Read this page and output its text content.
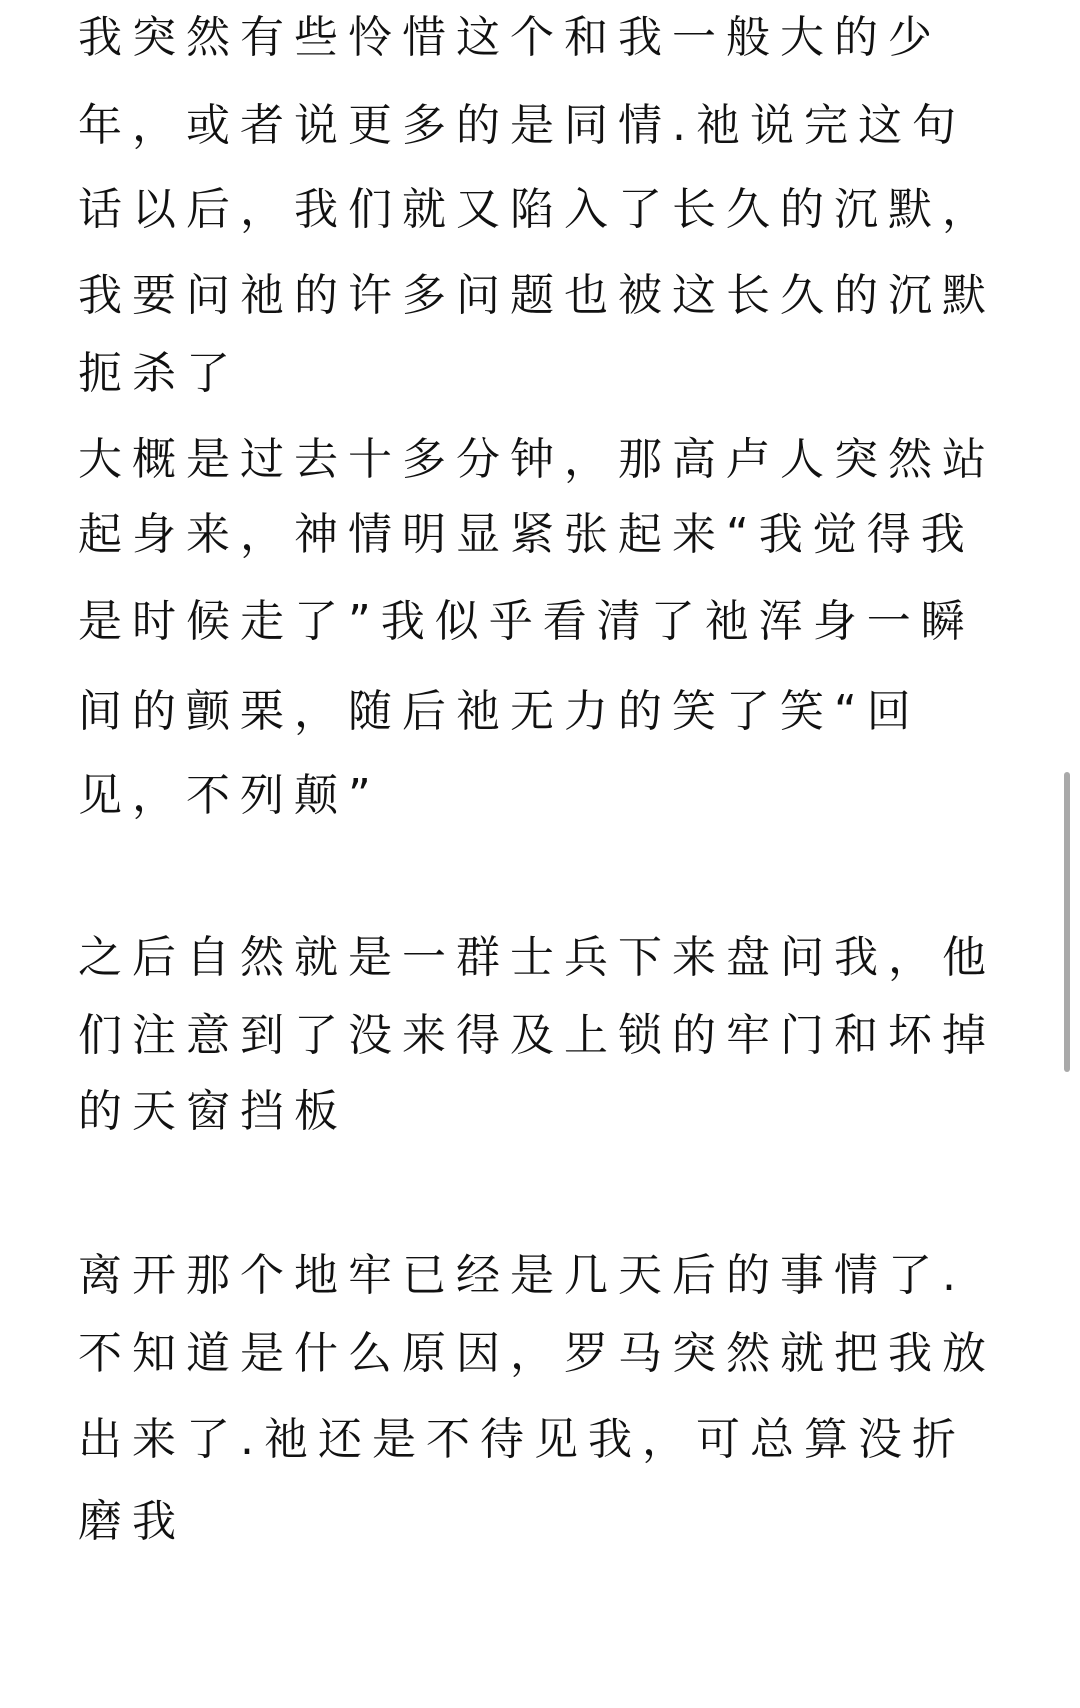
我突然有些怜惜这个和我一般大的少
年，或者说更多的是同情.祂说完这句
话以后，我们就又陷入了长久的沉默，
我要问祂的许多问题也被这长久的沉默
扼杀了
大概是过去十多分钟，那高卢人突然站
起身来，神情明显紧张起来“我觉得我
是时候走了”我似乎看清了祂浑身一瞬
间的颤栗，随后祂无力的笑了笑“回
见，不列颠”
之后自然就是一群士兵下来盘问我，他
们注意到了没来得及上锁的牢门和坏掉
的天窗挡板
离开那个地牢已经是几天后的事情了.
不知道是什么原因，罗马突然就把我放
出来了.祂还是不待见我，可总算没折
磨我
